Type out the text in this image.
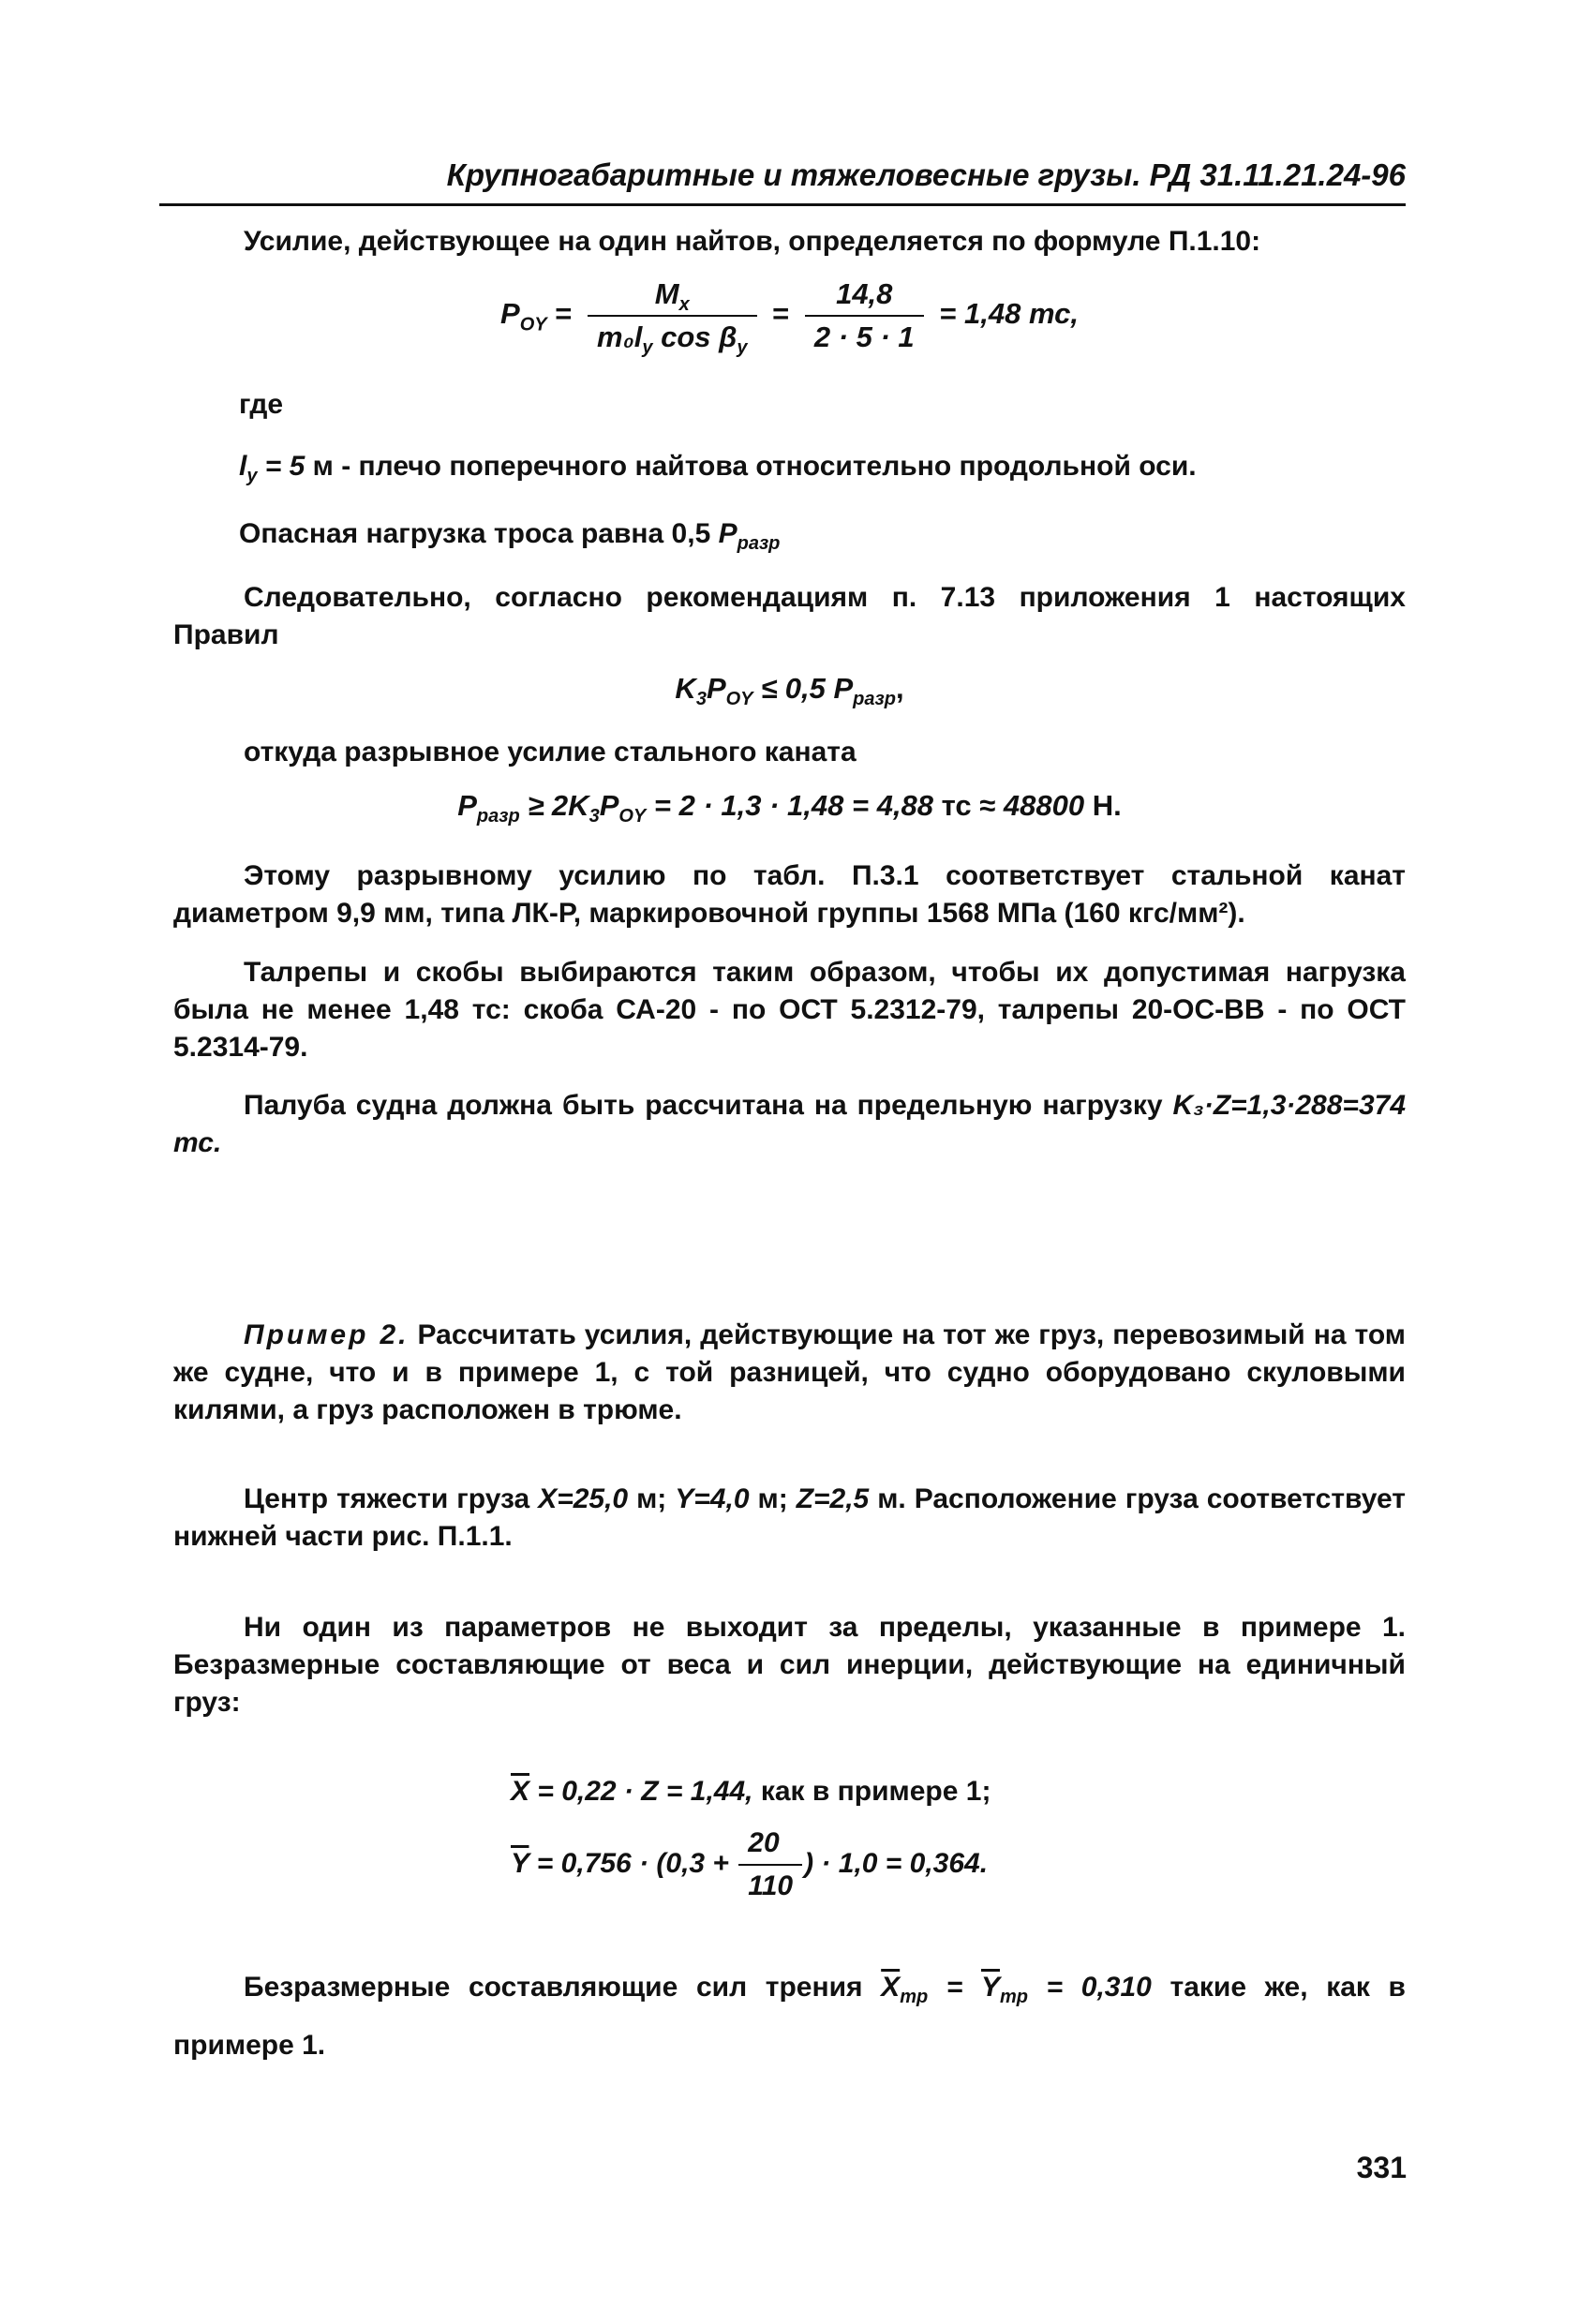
Крупногабаритные и тяжеловесные грузы. РД 31.11.21.24-96
Усилие, действующее на один найтов, определяется по формуле П.1.10:
$P_{OY} = \frac{M_x}{m_0l_y \cos \beta_y} = \frac{14,8}{2 \cdot 5 \cdot 1} = 1,48$ тс,
где
$l_y = 5$ м - плечо поперечного найтова относительно продольной оси.
Опасная нагрузка троса равна 0,5 $P_{разр}$
Следовательно, согласно рекомендациям п. 7.13 приложения 1 настоящих Правил
$K_3P_{OY} \le 0,5$ $P_{разр}$,
откуда разрывное усилие стального каната
$P_{разр} \ge 2K_3P_{OY} = 2 \cdot 1,3 \cdot 1,48 = 4,88$ тс ≈ 48800 Н.
Этому разрывному усилию по табл. П.3.1 соответствует стальной канат диаметром 9,9 мм, типа ЛК-Р, маркировочной группы 1568 МПа (160 кгс/мм²).
Талрепы и скобы выбираются таким образом, чтобы их допустимая нагрузка была не менее 1,48 тс: скоба СА-20 - по ОСТ 5.2312-79, талрепы 20-ОС-ВВ - по ОСТ 5.2314-79.
Палуба судна должна быть рассчитана на предельную нагрузку K₃·Z=1,3·288=374 тс.
Пример 2. Рассчитать усилия, действующие на тот же груз, перевозимый на том же судне, что и в примере 1, с той разницей, что судно оборудовано скуловыми килями, а груз расположен в трюме.
Центр тяжести груза X=25,0 м; Y=4,0 м; Z=2,5 м. Расположение груза соответствует нижней части рис. П.1.1.
Ни один из параметров не выходит за пределы, указанные в примере 1. Безразмерные составляющие от веса и сил инерции, действующие на единичный груз:
$\overline{X} = 0,22 \cdot Z = 1,44$, как в примере 1;
$\overline{Y} = 0,756 \cdot (0,3 + \frac{20}{110}$ ) · 1,0 = 0,364.
Безразмерные составляющие сил трения $\overline{X}_{тр} = \overline{Y}_{тр} = 0,310$ такие же, как в примере 1.
331
